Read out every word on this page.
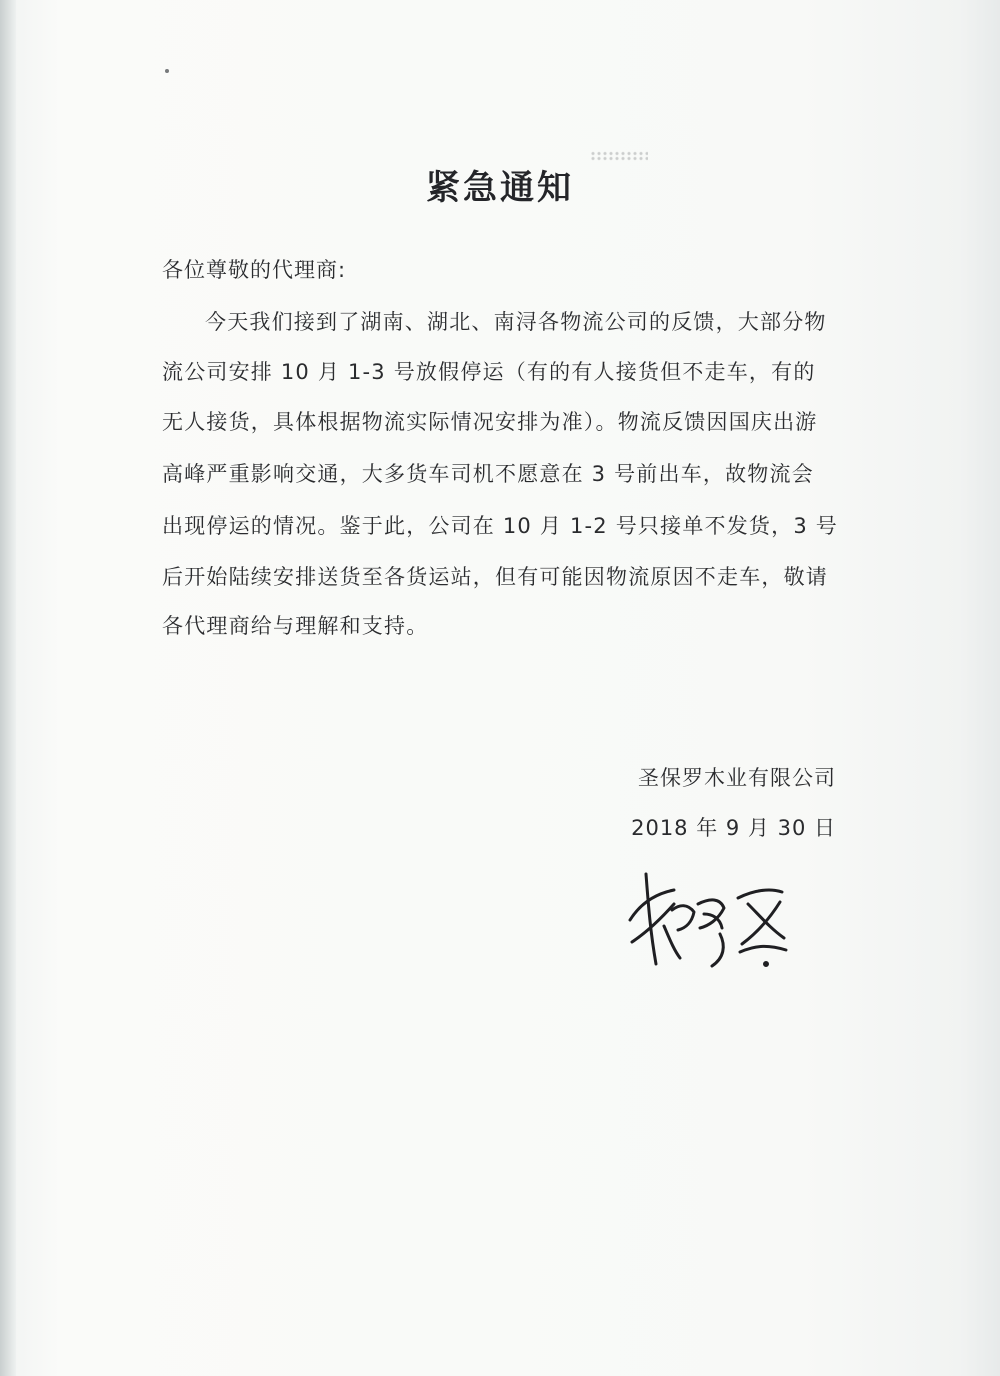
紧急通知
各位尊敬的代理商:
今天我们接到了湖南、湖北、南浔各物流公司的反馈，大部分物
流公司安排 10 月 1-3 号放假停运（有的有人接货但不走车，有的
无人接货，具体根据物流实际情况安排为准）。物流反馈因国庆出游
高峰严重影响交通，大多货车司机不愿意在 3 号前出车，故物流会
出现停运的情况。鉴于此，公司在 10 月 1-2 号只接单不发货，3 号
后开始陆续安排送货至各货运站，但有可能因物流原因不走车，敬请
各代理商给与理解和支持。
圣保罗木业有限公司
2018 年 9 月 30 日
